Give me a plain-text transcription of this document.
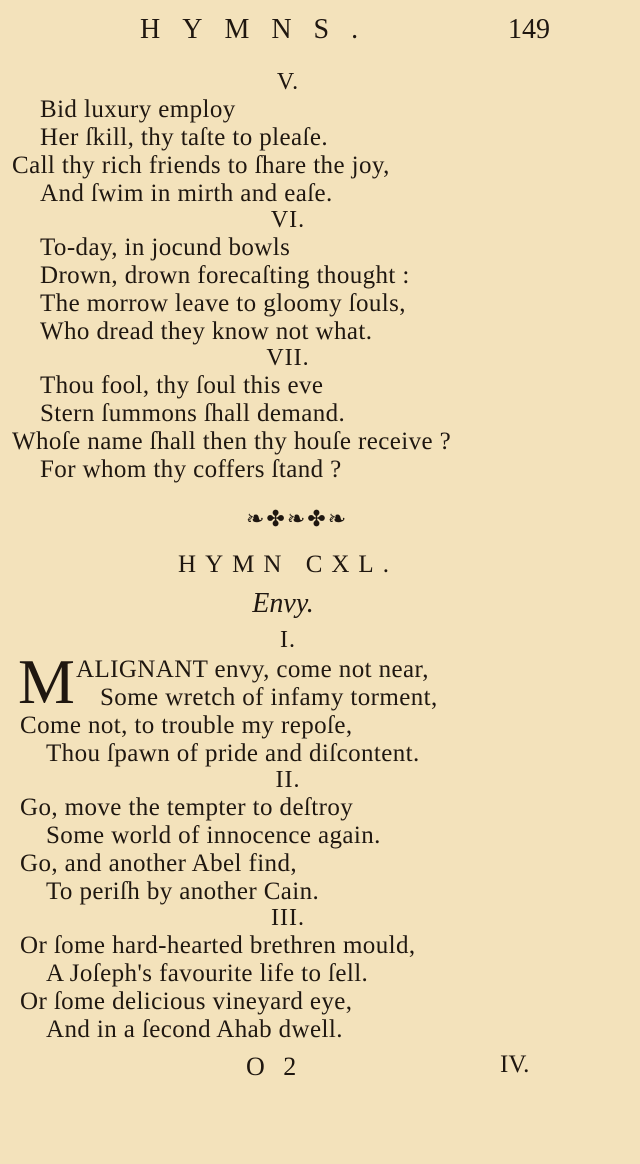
HYMNS.	149
V.
Bid luxury employ
Her ſkill, thy taſte to pleaſe.
Call thy rich friends to ſhare the joy,
And ſwim in mirth and eaſe.
VI.
To-day, in jocund bowls
Drown, drown forecaſting thought :
The morrow leave to gloomy ſouls,
Who dread they know not what.
VII.
Thou fool, thy ſoul this eve
Stern ſummons ſhall demand.
Whoſe name ſhall then thy houſe receive ?
For whom thy coffers ſtand ?
❧✤❧✤❧
HYMN CXL.
Envy.
I.
M ALIGNANT envy, come not near,
Some wretch of infamy torment,
Come not, to trouble my repoſe,
Thou ſpawn of pride and diſcontent.
II.
Go, move the tempter to deſtroy
Some world of innocence again.
Go, and another Abel find,
To periſh by another Cain.
III.
Or ſome hard-hearted brethren mould,
A Joſeph's favourite life to ſell.
Or ſome delicious vineyard eye,
And in a ſecond Ahab dwell.
O 2	IV.
